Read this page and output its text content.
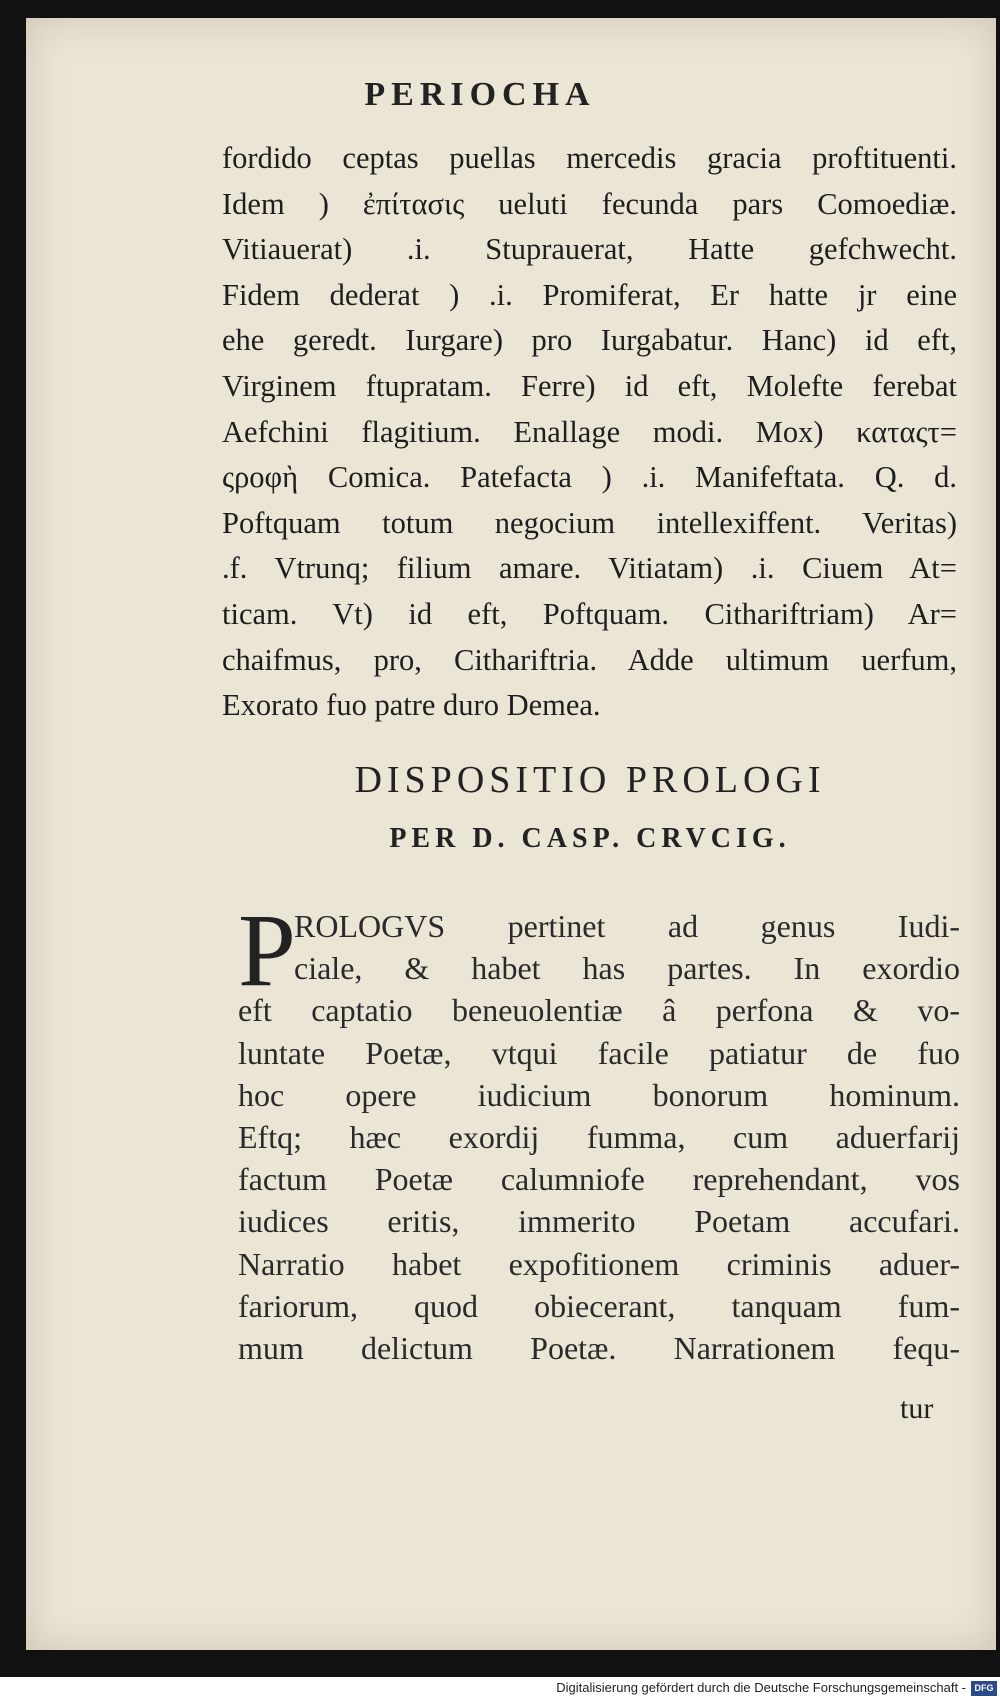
PERIOCHA
fordido ceptas puellas mercedis gracia proftituenti.
Idem ) ἐπίτασις ueluti fecunda pars Comoediæ.
Vitiauerat) .i. Stuprauerat, Hatte gefchwecht.
Fidem dederat ) .i. Promiferat, Er hatte jr eine
ehe geredt. Iurgare) pro Iurgabatur. Hanc) id eft,
Virginem ftupratam. Ferre) id eft, Molefte ferebat
Aefchini flagitium. Enallage modi. Mox) καταςτ=
ςροφὴ Comica. Patefacta ) .i. Manifeftata. Q. d.
Poftquam totum negocium intellexiffent. Veritas)
.f. Vtrunq; filium amare. Vitiatam) .i. Ciuem At=
ticam. Vt) id eft, Poftquam. Cithariftriam) Ar=
chaifmus, pro, Cithariftria. Adde ultimum uerfum,
Exorato fuo patre duro Demea.
DISPOSITIO PROLOGI
PER D. CASP. CRVCIG.
P
ROLOGVS pertinet ad genus Iudi-
ciale, & habet has partes. In exordio
eft captatio beneuolentiæ â perfona & vo-
luntate Poetæ, vtqui facile patiatur de fuo
hoc opere iudicium bonorum hominum.
Eftq; hæc exordij fumma, cum aduerfarij
factum Poetæ calumniofe reprehendant, vos
iudices eritis, immerito Poetam accufari.
Narratio habet expofitionem criminis aduer-
fariorum, quod obiecerant, tanquam fum-
mum delictum Poetæ. Narrationem fequ-
tur
Digitalisierung gefördert durch die Deutsche Forschungsgemeinschaft - DFG
